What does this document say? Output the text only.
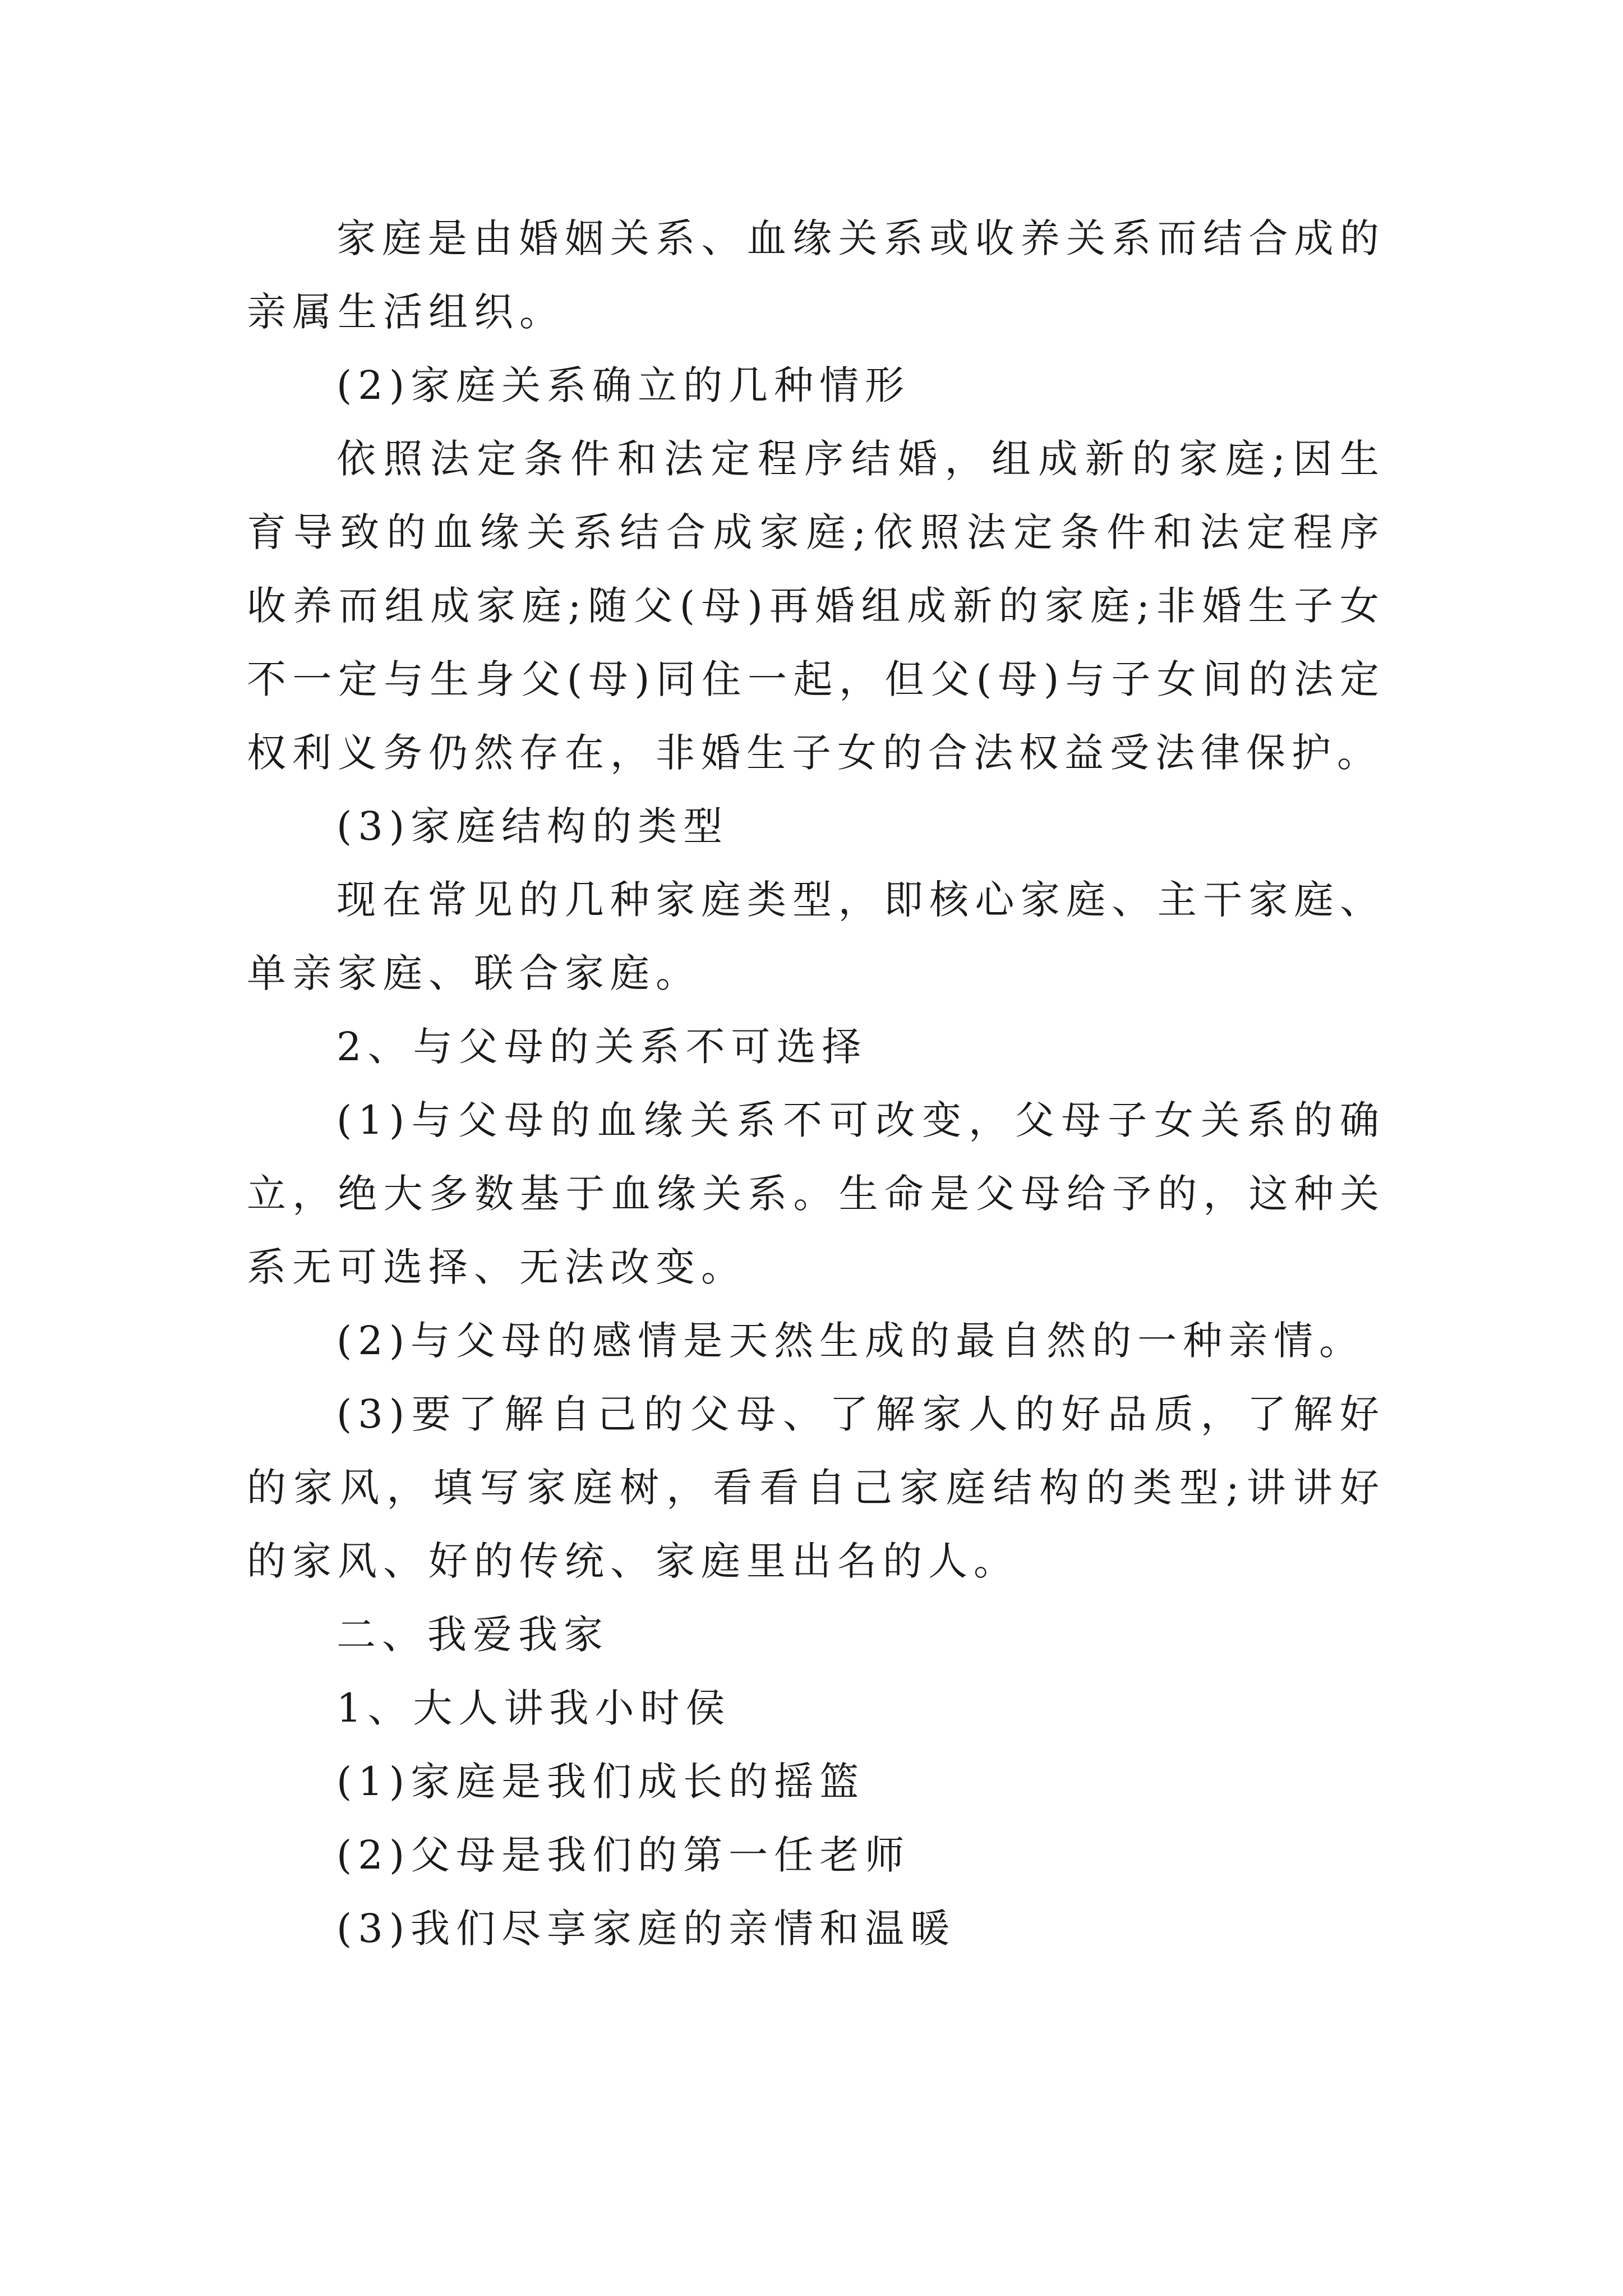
家庭是由婚姻关系、血缘关系或收养关系而结合成的亲属生活组织。

(2)家庭关系确立的几种情形

依照法定条件和法定程序结婚，组成新的家庭;因生育导致的血缘关系结合成家庭;依照法定条件和法定程序收养而组成家庭;随父(母)再婚组成新的家庭;非婚生子女不一定与生身父(母)同住一起，但父(母)与子女间的法定权利义务仍然存在，非婚生子女的合法权益受法律保护。

(3)家庭结构的类型

现在常见的几种家庭类型，即核心家庭、主干家庭、单亲家庭、联合家庭。

2、与父母的关系不可选择

(1)与父母的血缘关系不可改变，父母子女关系的确立，绝大多数基于血缘关系。生命是父母给予的，这种关系无可选择、无法改变。

(2)与父母的感情是天然生成的最自然的一种亲情。

(3)要了解自己的父母、了解家人的好品质，了解好的家风，填写家庭树，看看自己家庭结构的类型;讲讲好的家风、好的传统、家庭里出名的人。

二、我爱我家

1、大人讲我小时侯

(1)家庭是我们成长的摇篮

(2)父母是我们的第一任老师

(3)我们尽享家庭的亲情和温暖
